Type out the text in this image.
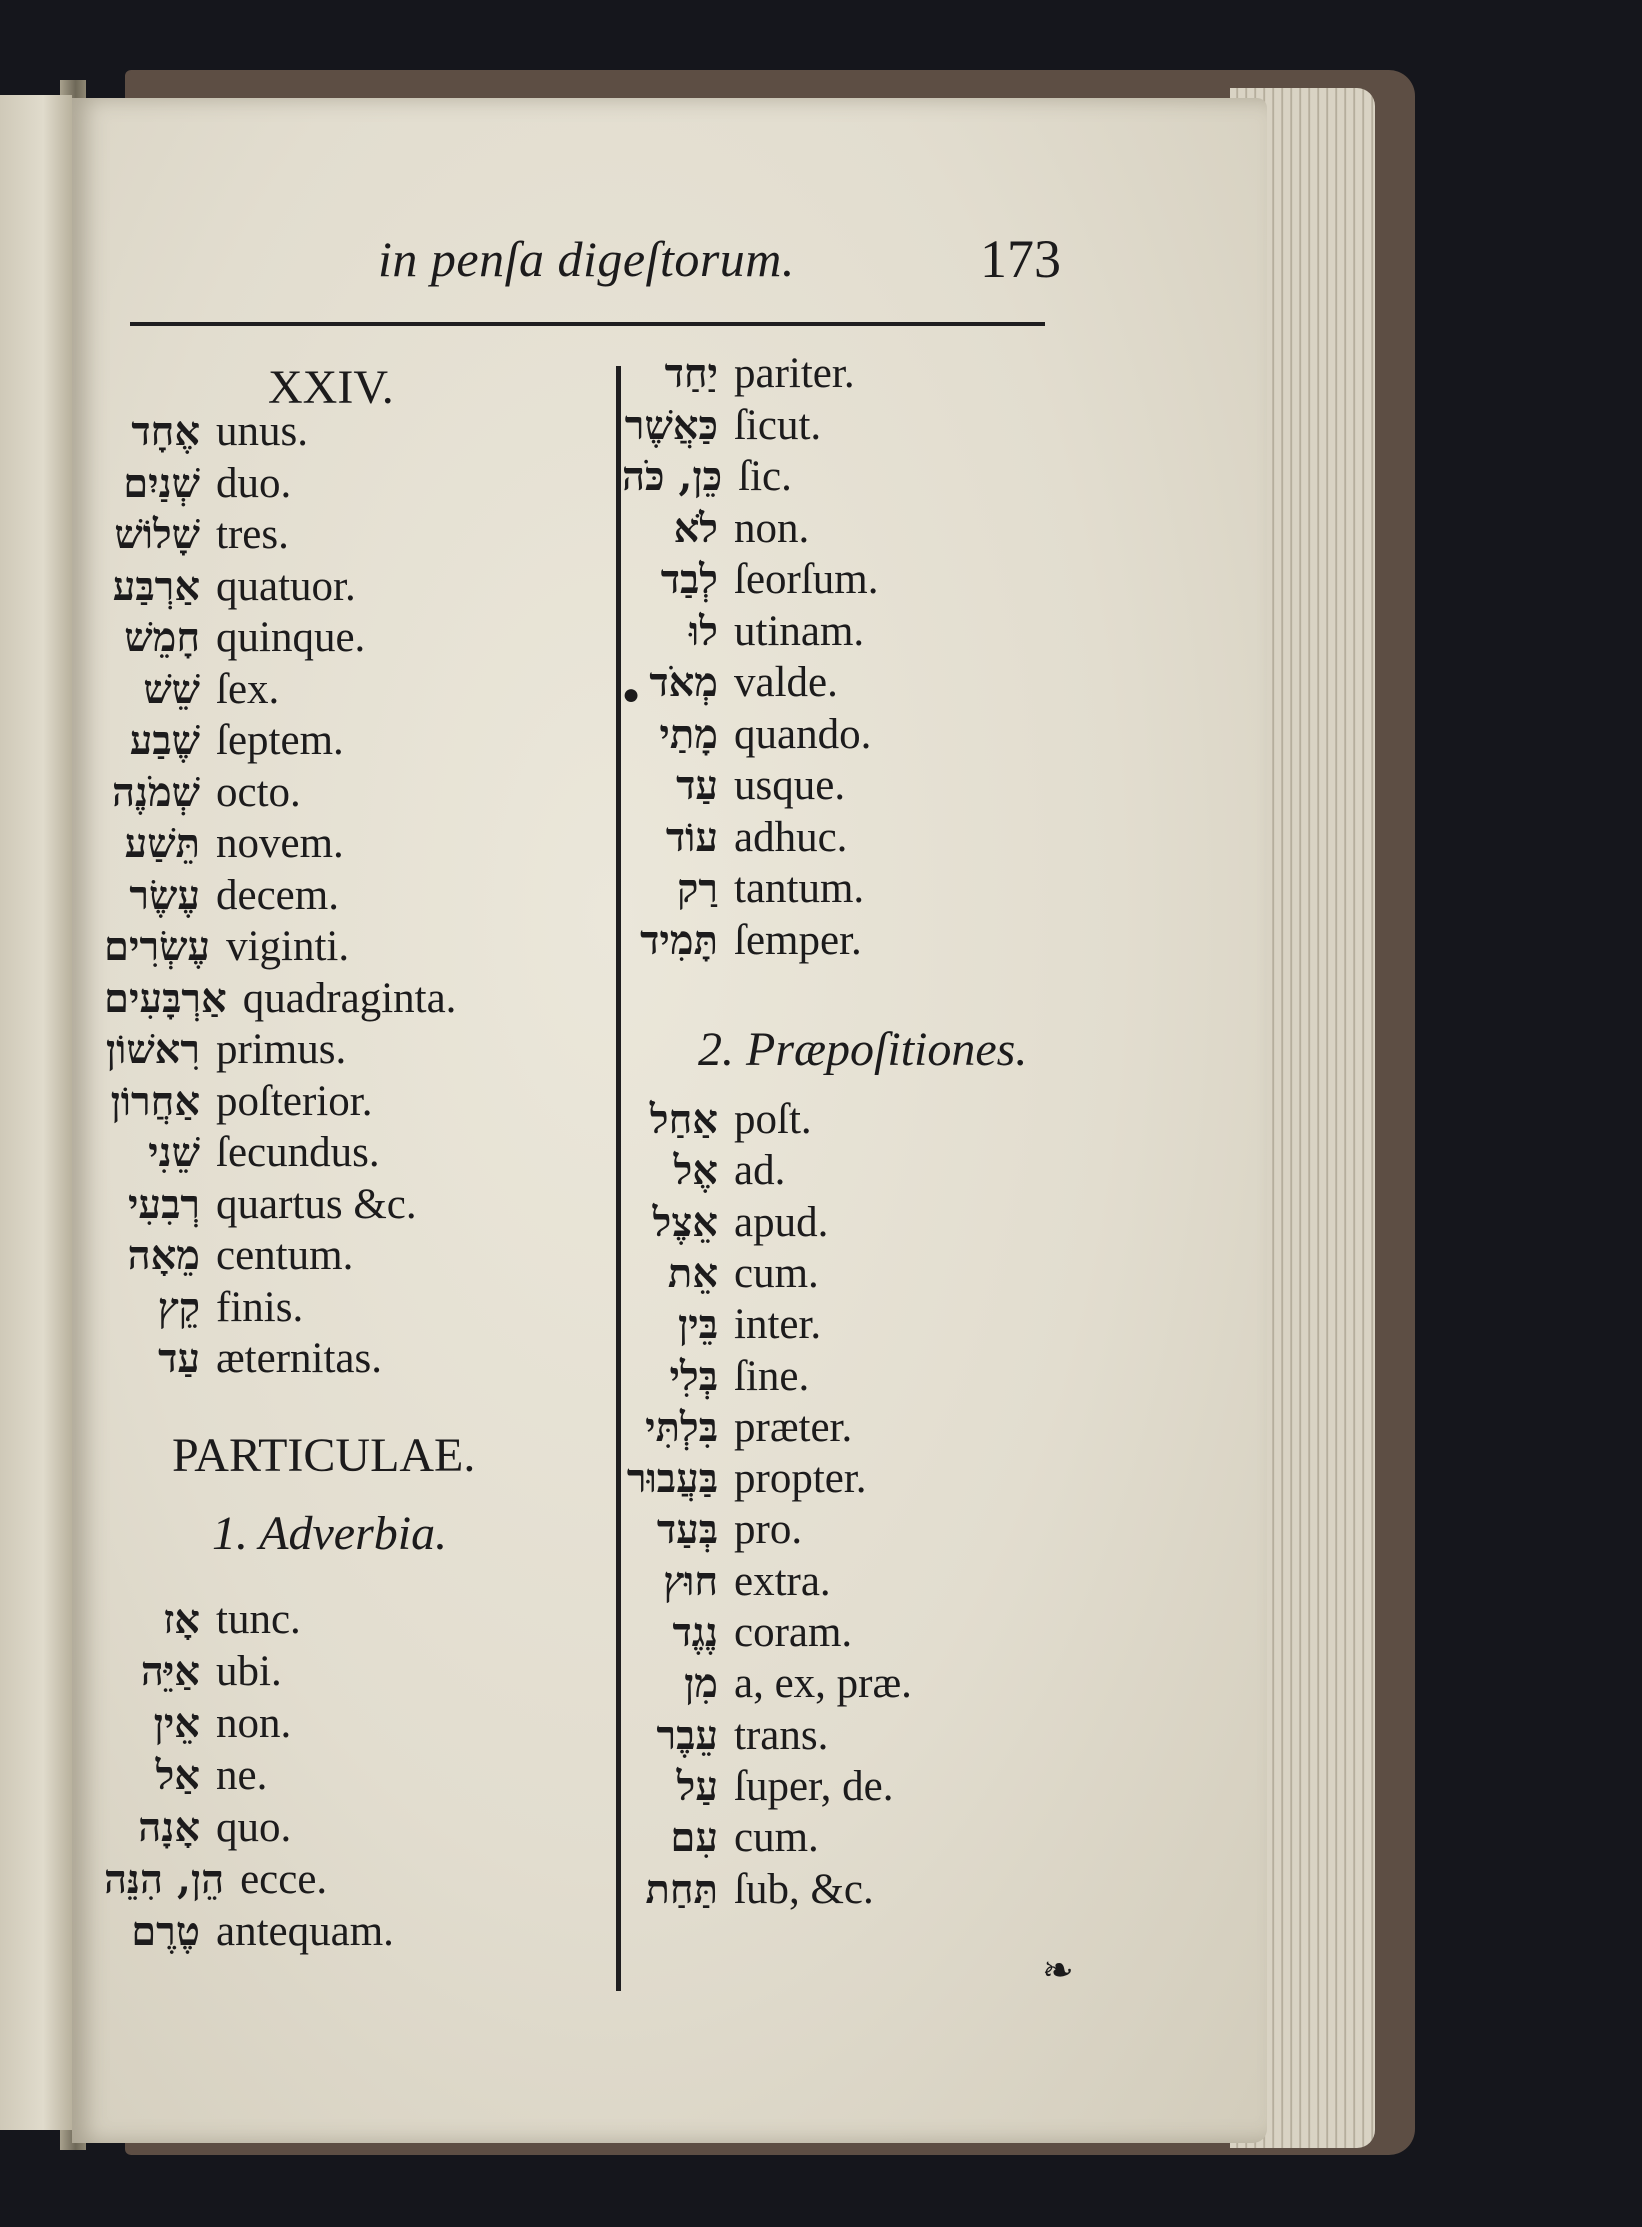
in penſa digeſtorum.	173
XXIV.
אֶחָד unus.
שְׁנַיִם duo.
שָׁלוֹשׁ tres.
אַרְבַּע quatuor.
חָמֵשׁ quinque.
שֵׁשׁ ſex.
שֶׁבַע ſeptem.
שְׁמֹנֶה octo.
תֵּשַׁע novem.
עֶשֶׂר decem.
עֶשְׂרִים viginti.
אַרְבָּעִים quadraginta.
רִאשׁוֹן primus.
אַחֲרוֹן poſterior.
שֵׁנִי ſecundus.
רְבִעִי quartus &c.
מֵאָה centum.
קֵץ finis.
עַד æternitas.
PARTICULAE.
1. Adverbia.
אָז tunc.
אַיֵּה ubi.
אֵין non.
אַל ne.
אָנָה quo.
הֵן, הִנֵּה ecce.
טֶרֶם antequam.
יַחַד pariter.
כַּאֲשֶׁר ſicut.
כֵּן, כֹּה ſic.
לֹא non.
לְבַד ſeorſum.
לוּ utinam.
מְאֹד valde.
מָתַי quando.
עַד usque.
עוֹד adhuc.
רַק tantum.
תָּמִיד ſemper.
2. Præpoſitiones.
אַחַל poſt.
אֶל ad.
אֵצֶל apud.
אֵת cum.
בֵּין inter.
בְּלִי ſine.
בִּלְתִּי præter.
בַּעֲבוּר propter.
בְּעַד pro.
חוּץ extra.
נֶגֶד coram.
מִן a, ex, præ.
עֵבֶר trans.
עַל ſuper, de.
עִם cum.
תַּחַת ſub, &c.
●
❧
